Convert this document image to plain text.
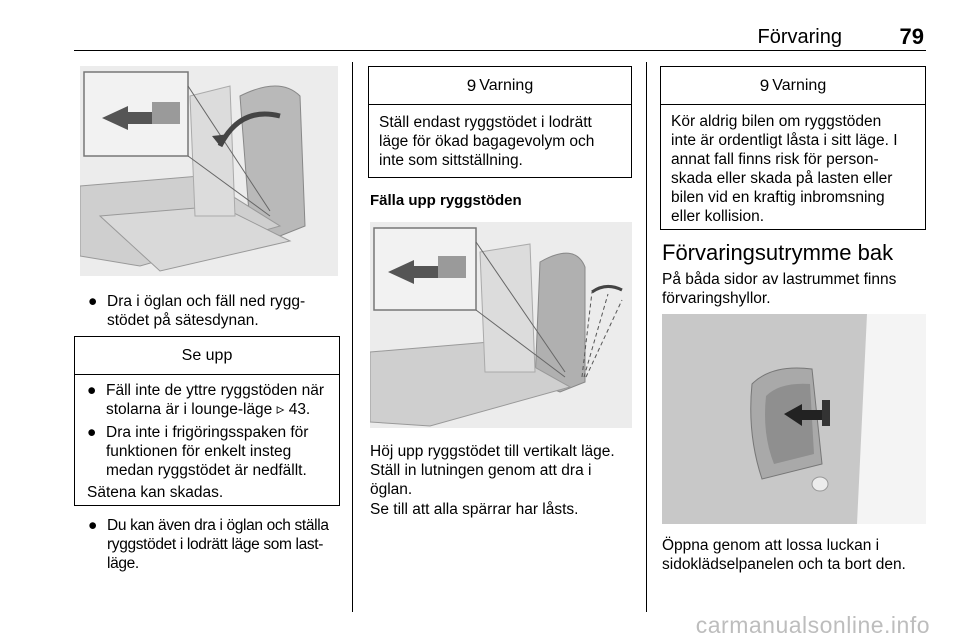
Förvaring	79
● Dra i öglan och fäll ned rygg-
stödet på sätesdynan.
Se upp
● Fäll inte de yttre ryggstöden när
stolarna är i lounge-läge ▹ 43.
● Dra inte i frigöringsspaken för
funktionen för enkelt insteg
medan ryggstödet är nedfällt.
Sätena kan skadas.
● Du kan även dra i öglan och ställa
ryggstödet i lodrätt läge som last-
läge.
9 Varning
Ställ endast ryggstödet i lodrätt
läge för ökad bagagevolym och
inte som sittställning.
Fälla upp ryggstöden
Höj upp ryggstödet till vertikalt läge.
Ställ in lutningen genom att dra i
öglan.
Se till att alla spärrar har låsts.
9 Varning
Kör aldrig bilen om ryggstöden
inte är ordentligt låsta i sitt läge. I
annat fall finns risk för person-
skada eller skada på lasten eller
bilen vid en kraftig inbromsning
eller kollision.
Förvaringsutrymme bak
På båda sidor av lastrummet finns
förvaringshyllor.
Öppna genom att lossa luckan i
sidoklädselpanelen och ta bort den.
carmanualsonline.info
